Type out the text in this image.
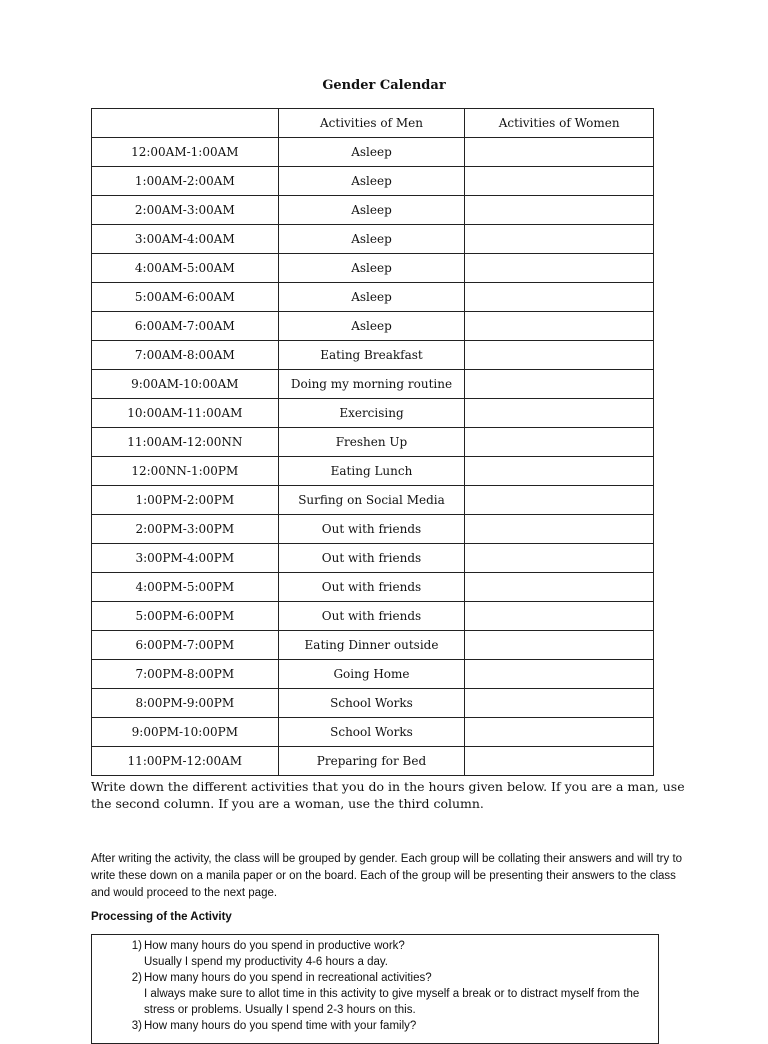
Gender Calendar
	Activities of Men	Activities of Women
12:00AM-1:00AM	Asleep	
1:00AM-2:00AM	Asleep	
2:00AM-3:00AM	Asleep	
3:00AM-4:00AM	Asleep	
4:00AM-5:00AM	Asleep	
5:00AM-6:00AM	Asleep	
6:00AM-7:00AM	Asleep	
7:00AM-8:00AM	Eating Breakfast	
9:00AM-10:00AM	Doing my morning routine	
10:00AM-11:00AM	Exercising	
11:00AM-12:00NN	Freshen Up	
12:00NN-1:00PM	Eating Lunch	
1:00PM-2:00PM	Surfing on Social Media	
2:00PM-3:00PM	Out with friends	
3:00PM-4:00PM	Out with friends	
4:00PM-5:00PM	Out with friends	
5:00PM-6:00PM	Out with friends	
6:00PM-7:00PM	Eating Dinner outside	
7:00PM-8:00PM	Going Home	
8:00PM-9:00PM	School Works	
9:00PM-10:00PM	School Works	
11:00PM-12:00AM	Preparing for Bed	
Write down the different activities that you do in the hours given below. If you are a man, use the second column. If you are a woman, use the third column.
After writing the activity, the class will be grouped by gender. Each group will be collating their answers and will try to write these down on a manila paper or on the board. Each of the group will be presenting their answers to the class and would proceed to the next page.
Processing of the Activity
1) How many hours do you spend in productive work?
Usually I spend my productivity 4-6 hours a day.
2) How many hours do you spend in recreational activities?
I always make sure to allot time in this activity to give myself a break or to distract myself from the stress or problems. Usually I spend 2-3 hours on this.
3) How many hours do you spend time with your family?
